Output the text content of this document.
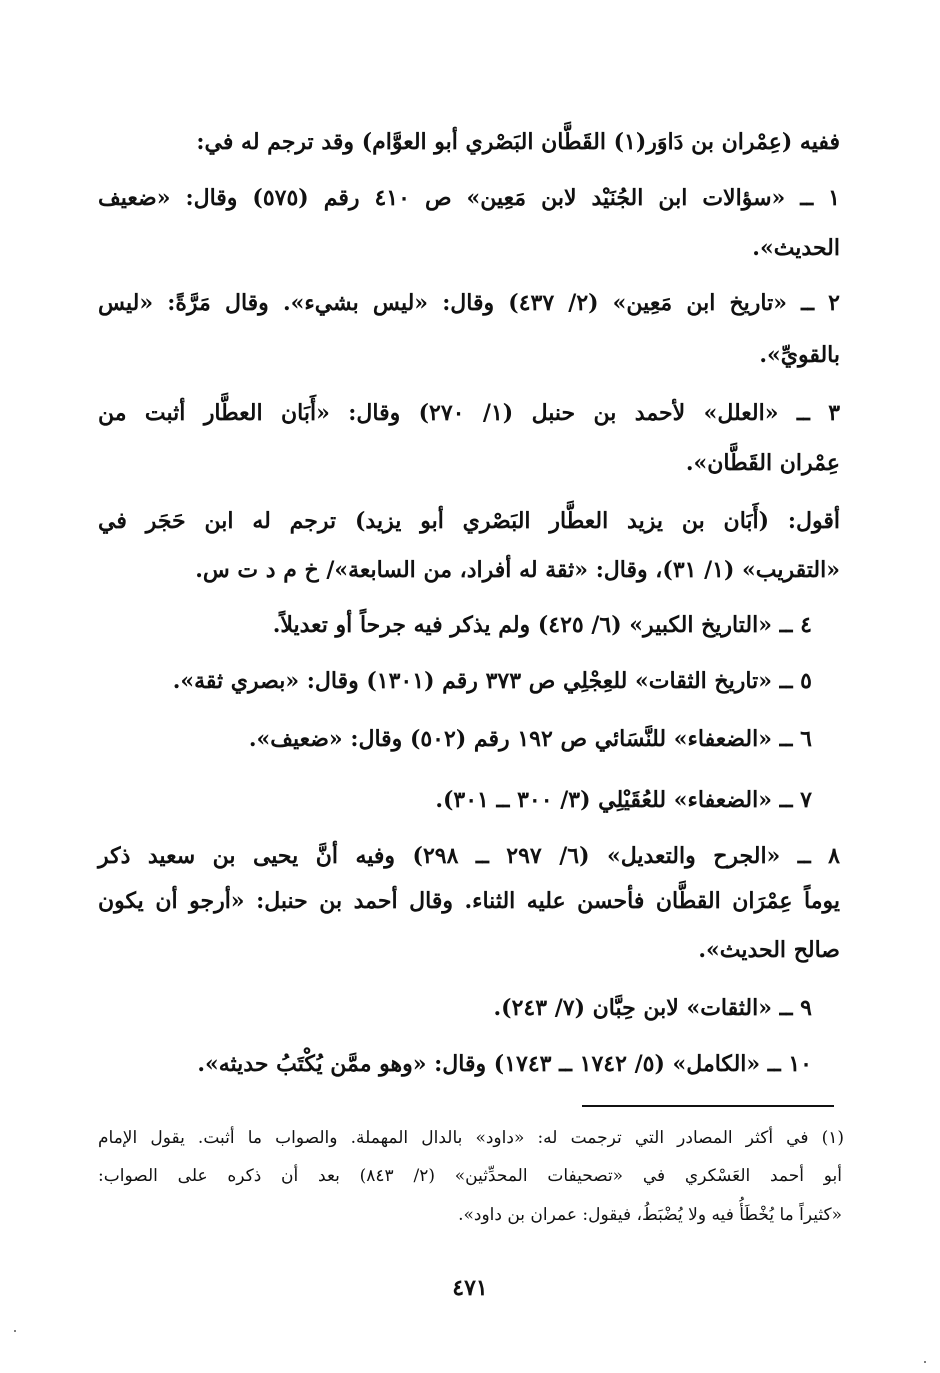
ففيه (عِمْران بن دَاوَر(١) القَطَّان البَصْري أبو العوَّام) وقد ترجم له في:
١ ــ «سؤالات ابن الجُنَيْد لابن مَعِين» ص ٤١٠ رقم (٥٧٥) وقال: «ضعيف
الحديث».
٢ ــ «تاريخ ابن مَعِين» (٢/ ٤٣٧) وقال: «ليس بشيء». وقال مَرَّةً: «ليس
بالقويِّ».
٣ ــ «العلل» لأحمد بن حنبل (١/ ٢٧٠) وقال: «أَبَان العطَّار أثبت من
عِمْران القَطَّان».
أقول: (أَبَان بن يزيد العطَّار البَصْري أبو يزيد) ترجم له ابن حَجَر في
«التقريب» (١/ ٣١)، وقال: «ثقة له أفراد، من السابعة»/ خ م د ت س.
٤ ــ «التاريخ الكبير» (٦/ ٤٢٥) ولم يذكر فيه جرحاً أو تعديلاً.
٥ ــ «تاريخ الثقات» للعِجْلِي ص ٣٧٣ رقم (١٣٠١) وقال: «بصري ثقة».
٦ ــ «الضعفاء» للنَّسَائي ص ١٩٢ رقم (٥٠٢) وقال: «ضعيف».
٧ ــ «الضعفاء» للعُقَيْلِي (٣/ ٣٠٠ ــ ٣٠١).
٨ ــ «الجرح والتعديل» (٦/ ٢٩٧ ــ ٢٩٨) وفيه أنَّ يحيى بن سعيد ذكر
يوماً عِمْرَان القطَّان فأحسن عليه الثناء. وقال أحمد بن حنبل: «أرجو أن يكون
صالح الحديث».
٩ ــ «الثقات» لابن حِبَّان (٧/ ٢٤٣).
١٠ ــ «الكامل» (٥/ ١٧٤٢ ــ ١٧٤٣) وقال: «وهو ممَّن يُكْتَبُ حديثه».
(١) في أكثر المصادر التي ترجمت له: «داود» بالدال المهملة. والصواب ما أثبت. يقول الإمام
أبو أحمد العَسْكري في «تصحيفات المحدِّثين» (٢/ ٨٤٣) بعد أن ذكره على الصواب:
«كثيراً ما يُخْطَأُ فيه ولا يُضْبَطُ، فيقول: عمران بن داود».
٤٧١
